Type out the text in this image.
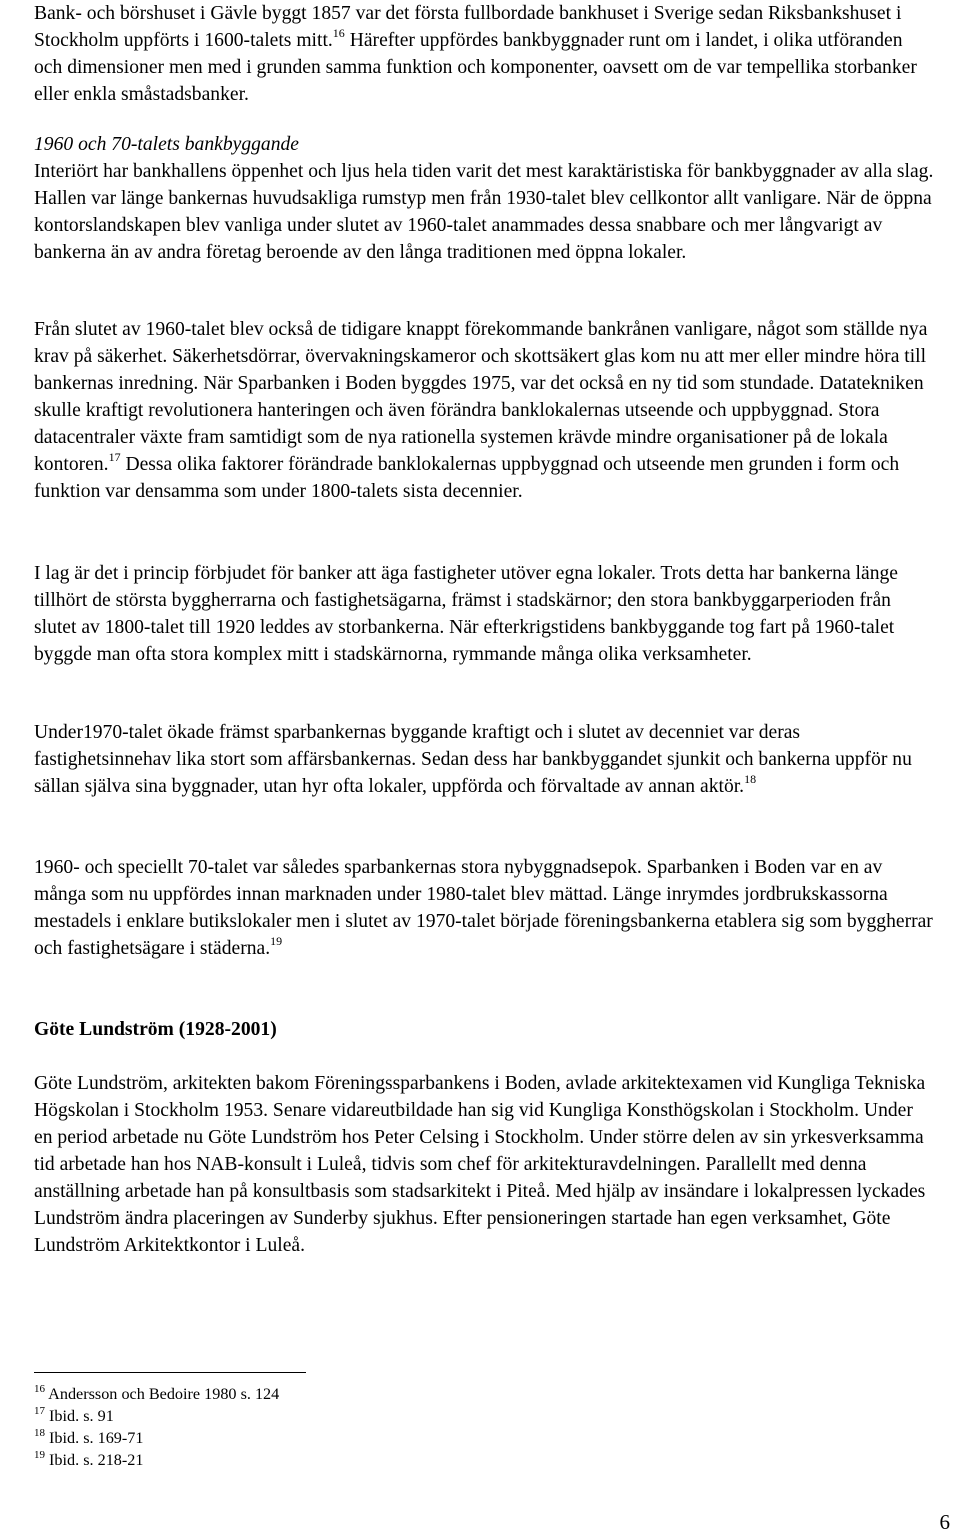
Bank- och börshuset i Gävle byggt 1857 var det första fullbordade bankhuset i Sverige sedan Riksbankshuset i Stockholm uppförts i 1600-talets mitt.$^{16}$ Härefter uppfördes bankbyggnader runt om i landet, i olika utföranden och dimensioner men med i grunden samma funktion och komponenter, oavsett om de var tempellika storbanker eller enkla småstadsbanker.

1960 och 70-talets bankbyggande
Interiört har bankhallens öppenhet och ljus hela tiden varit det mest karaktäristiska för bankbyggnader av alla slag. Hallen var länge bankernas huvudsakliga rumstyp men från 1930-talet blev cellkontor allt vanligare. När de öppna kontorslandskapen blev vanliga under slutet av 1960-talet anammades dessa snabbare och mer långvarigt av bankerna än av andra företag beroende av den långa traditionen med öppna lokaler.

Från slutet av 1960-talet blev också de tidigare knappt förekommande bankrånen vanligare, något som ställde nya krav på säkerhet. Säkerhetsdörrar, övervakningskameror och skottsäkert glas kom nu att mer eller mindre höra till bankernas inredning. När Sparbanken i Boden byggdes 1975, var det också en ny tid som stundade. Datatekniken skulle kraftigt revolutionera hanteringen och även förändra banklokalernas utseende och uppbyggnad. Stora datacentraler växte fram samtidigt som de nya rationella systemen krävde mindre organisationer på de lokala kontoren.$^{17}$ Dessa olika faktorer förändrade banklokalernas uppbyggnad och utseende men grunden i form och funktion var densamma som under 1800-talets sista decennier.

I lag är det i princip förbjudet för banker att äga fastigheter utöver egna lokaler. Trots detta har bankerna länge tillhört de största byggherrarna och fastighetsägarna, främst i stadskärnor; den stora bankbyggarperioden från slutet av 1800-talet till 1920 leddes av storbankerna. När efterkrigstidens bankbyggande tog fart på 1960-talet byggde man ofta stora komplex mitt i stadskärnorna, rymmande många olika verksamheter.

Under1970-talet ökade främst sparbankernas byggande kraftigt och i slutet av decenniet var deras fastighetsinnehav lika stort som affärsbankernas. Sedan dess har bankbyggandet sjunkit och bankerna uppför nu sällan själva sina byggnader, utan hyr ofta lokaler, uppförda och förvaltade av annan aktör.$^{18}$

1960- och speciellt 70-talet var således sparbankernas stora nybyggnadsepok. Sparbanken i Boden var en av många som nu uppfördes innan marknaden under 1980-talet blev mättad. Länge inrymdes jordbrukskassorna mestadels i enklare butikslokaler men i slutet av 1970-talet började föreningsbankerna etablera sig som byggherrar och fastighetsägare i städerna.$^{19}$

Göte Lundström (1928-2001)

Göte Lundström, arkitekten bakom Föreningssparbankens i Boden, avlade arkitektexamen vid Kungliga Tekniska Högskolan i Stockholm 1953. Senare vidareutbildade han sig vid Kungliga Konsthögskolan i Stockholm. Under en period arbetade nu Göte Lundström hos Peter Celsing i Stockholm. Under större delen av sin yrkesverksamma tid arbetade han hos NAB-konsult i Luleå, tidvis som chef för arkitekturavdelningen. Parallellt med denna anställning arbetade han på konsultbasis som stadsarkitekt i Piteå. Med hjälp av insändare i lokalpressen lyckades Lundström ändra placeringen av Sunderby sjukhus. Efter pensioneringen startade han egen verksamhet, Göte Lundström Arkitektkontor i Luleå.

$^{16}$ Andersson och Bedoire 1980 s. 124

$^{17}$ Ibid. s. 91

$^{18}$ Ibid. s. 169-71

$^{19}$ Ibid. s. 218-21

6
